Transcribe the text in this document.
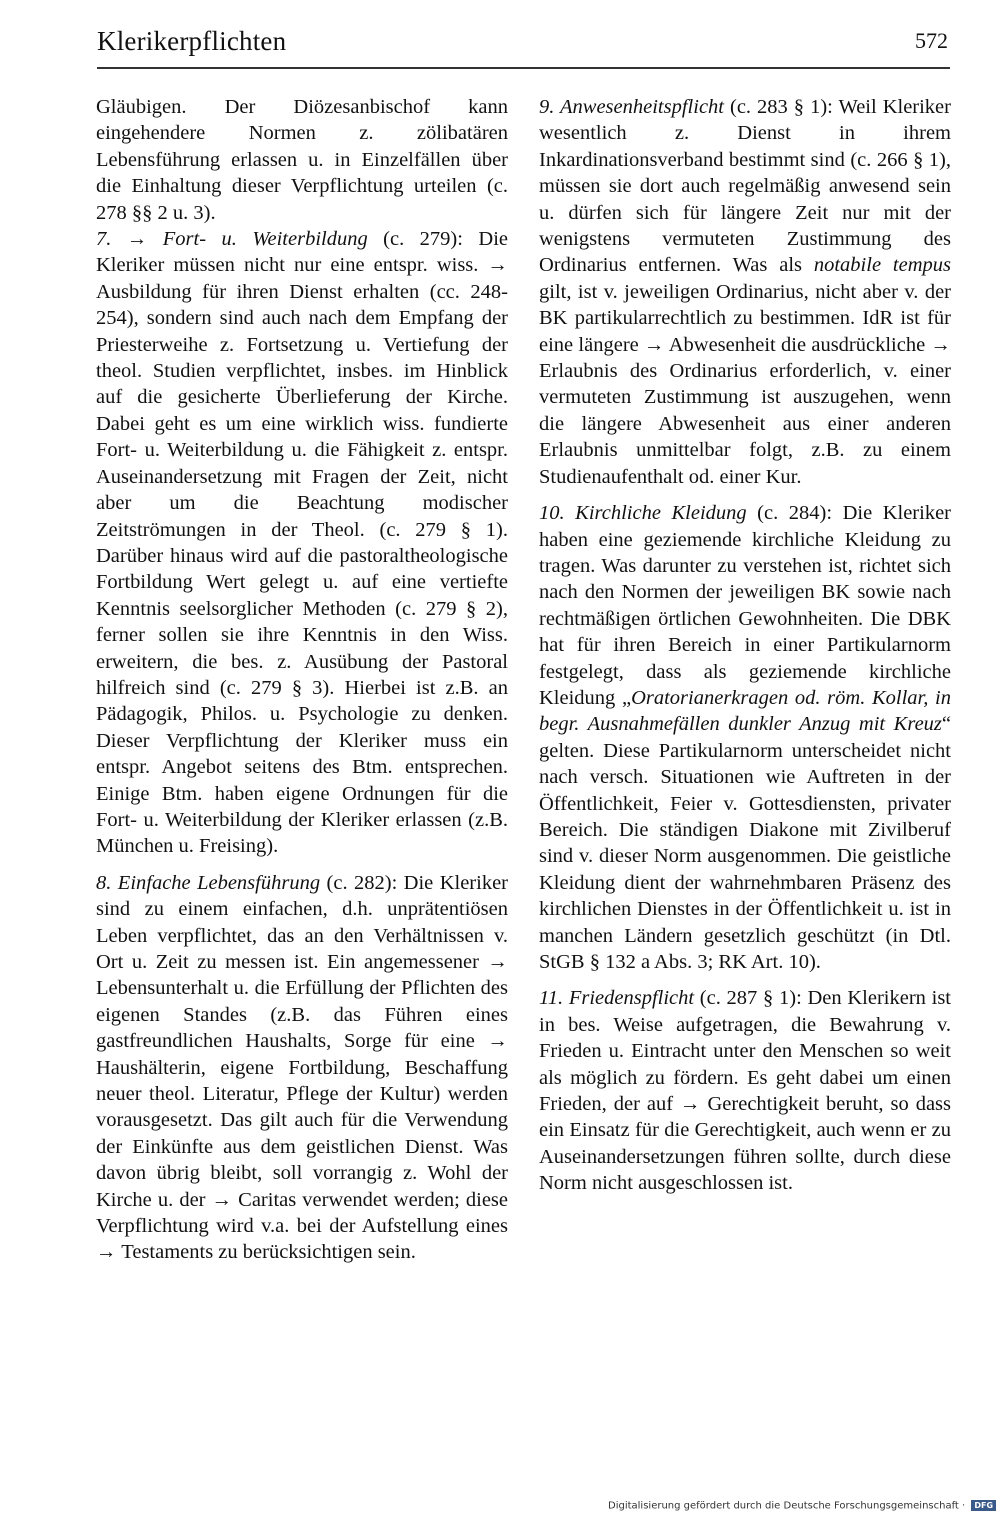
Klerikerpflichten	572

Gläubigen. Der Diözesanbischof kann eingehendere Normen z. zölibatären Lebensführung erlassen u. in Einzelfällen über die Einhaltung dieser Verpflichtung urteilen (c. 278 §§ 2 u. 3).

7. → Fort- u. Weiterbildung (c. 279): Die Kleriker müssen nicht nur eine entspr. wiss. → Ausbildung für ihren Dienst erhalten (cc. 248-254), sondern sind auch nach dem Empfang der Priesterweihe z. Fortsetzung u. Vertiefung der theol. Studien verpflichtet, insbes. im Hinblick auf die gesicherte Überlieferung der Kirche. Dabei geht es um eine wirklich wiss. fundierte Fort- u. Weiterbildung u. die Fähigkeit z. entspr. Auseinandersetzung mit Fragen der Zeit, nicht aber um die Beachtung modischer Zeitströmungen in der Theol. (c. 279 § 1). Darüber hinaus wird auf die pastoraltheologische Fortbildung Wert gelegt u. auf eine vertiefte Kenntnis seelsorglicher Methoden (c. 279 § 2), ferner sollen sie ihre Kenntnis in den Wiss. erweitern, die bes. z. Ausübung der Pastoral hilfreich sind (c. 279 § 3). Hierbei ist z.B. an Pädagogik, Philos. u. Psychologie zu denken. Dieser Verpflichtung der Kleriker muss ein entspr. Angebot seitens des Btm. entsprechen. Einige Btm. haben eigene Ordnungen für die Fort- u. Weiterbildung der Kleriker erlassen (z.B. München u. Freising).

8. Einfache Lebensführung (c. 282): Die Kleriker sind zu einem einfachen, d.h. unprätentiösen Leben verpflichtet, das an den Verhältnissen v. Ort u. Zeit zu messen ist. Ein angemessener → Lebensunterhalt u. die Erfüllung der Pflichten des eigenen Standes (z.B. das Führen eines gastfreundlichen Haushalts, Sorge für eine → Haushälterin, eigene Fortbildung, Beschaffung neuer theol. Literatur, Pflege der Kultur) werden vorausgesetzt. Das gilt auch für die Verwendung der Einkünfte aus dem geistlichen Dienst. Was davon übrig bleibt, soll vorrangig z. Wohl der Kirche u. der → Caritas verwendet werden; diese Verpflichtung wird v.a. bei der Aufstellung eines → Testaments zu berücksichtigen sein.

9. Anwesenheitspflicht (c. 283 § 1): Weil Kleriker wesentlich z. Dienst in ihrem Inkardinationsverband bestimmt sind (c. 266 § 1), müssen sie dort auch regelmäßig anwesend sein u. dürfen sich für längere Zeit nur mit der wenigstens vermuteten Zustimmung des Ordinarius entfernen. Was als notabile tempus gilt, ist v. jeweiligen Ordinarius, nicht aber v. der BK partikularrechtlich zu bestimmen. IdR ist für eine längere → Abwesenheit die ausdrückliche → Erlaubnis des Ordinarius erforderlich, v. einer vermuteten Zustimmung ist auszugehen, wenn die längere Abwesenheit aus einer anderen Erlaubnis unmittelbar folgt, z.B. zu einem Studienaufenthalt od. einer Kur.

10. Kirchliche Kleidung (c. 284): Die Kleriker haben eine geziemende kirchliche Kleidung zu tragen. Was darunter zu verstehen ist, richtet sich nach den Normen der jeweiligen BK sowie nach rechtmäßigen örtlichen Gewohnheiten. Die DBK hat für ihren Bereich in einer Partikularnorm festgelegt, dass als geziemende kirchliche Kleidung „Oratorianerkragen od. röm. Kollar, in begr. Ausnahmefällen dunkler Anzug mit Kreuz“ gelten. Diese Partikularnorm unterscheidet nicht nach versch. Situationen wie Auftreten in der Öffentlichkeit, Feier v. Gottesdiensten, privater Bereich. Die ständigen Diakone mit Zivilberuf sind v. dieser Norm ausgenommen. Die geistliche Kleidung dient der wahrnehmbaren Präsenz des kirchlichen Dienstes in der Öffentlichkeit u. ist in manchen Ländern gesetzlich geschützt (in Dtl. StGB § 132 a Abs. 3; RK Art. 10).

11. Friedenspflicht (c. 287 § 1): Den Klerikern ist in bes. Weise aufgetragen, die Bewahrung v. Frieden u. Eintracht unter den Menschen so weit als möglich zu fördern. Es geht dabei um einen Frieden, der auf → Gerechtigkeit beruht, so dass ein Einsatz für die Gerechtigkeit, auch wenn er zu Auseinandersetzungen führen sollte, durch diese Norm nicht ausgeschlossen ist.

Digitalisierung gefördert durch die Deutsche Forschungsgemeinschaft · DFG
